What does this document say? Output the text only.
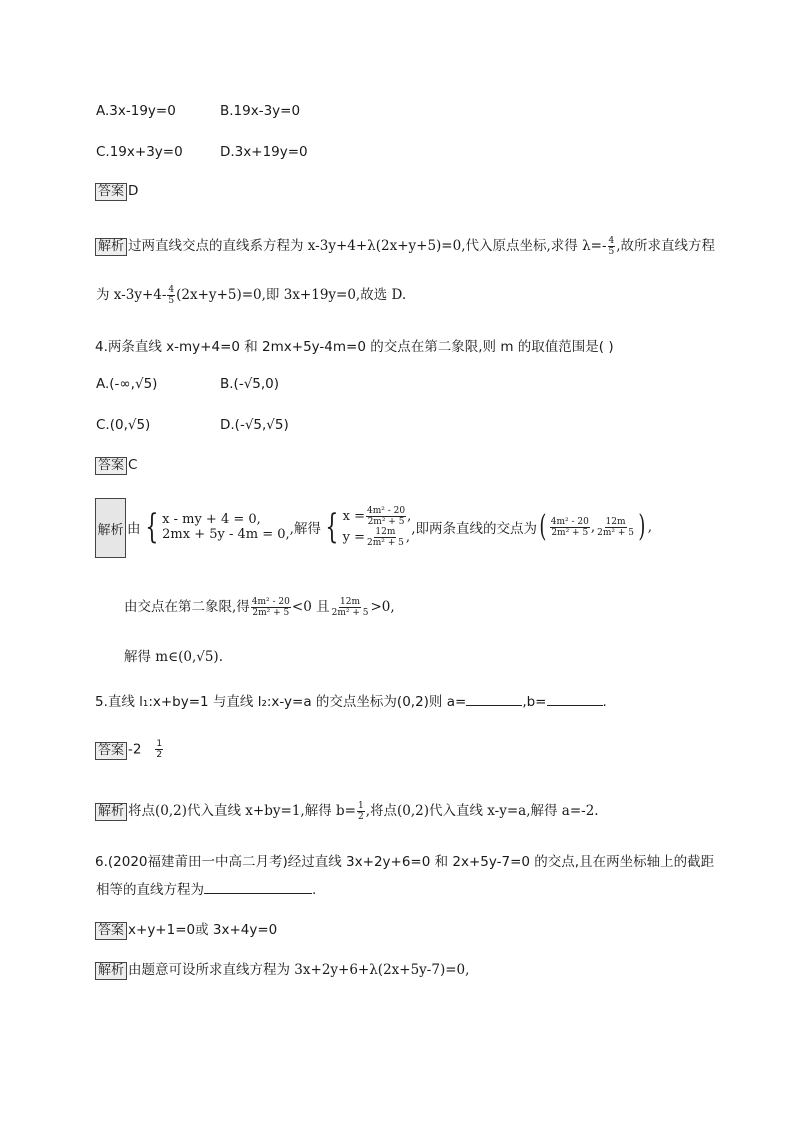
A.3x-19y=0	B.19x-3y=0
C.19x+3y=0	D.3x+19y=0
答案 D
解析 过两直线交点的直线系方程为 x-3y+4+λ(2x+y+5)=0,代入原点坐标,求得 $\lambda=- \frac{4}{5}$ ,故所求直线方程
为 $x-3y+4- \frac{4}{5} (2x+y+5)=0$,即 3x+19y=0,故选 D.
4.两条直线 x-my+4=0 和 2mx+5y-4m=0 的交点在第二象限,则 m 的取值范围是( )
A.(-∞,√5)	B.(-√5,0)
C.(0,√5)	D.(-√5,√5)
答案 C
解析 由 { x - my + 4 = 0,
2mx + 5y - 4m = 0, ,解得 { $x = \frac{\text{4m² - 20}}{\text{2m² + 5}}$ ,
$y = \frac{12m}{\text{2m² + 5}}$ ,
,即两条直线的交点为 ( $\frac{\text{4m² - 20}}{\text{2m² + 5}}$ , $\frac{12m}{\text{2m² + 5}}$ ) ,
由交点在第二象限,得 $\frac{\text{4m² - 20}}{\text{2m² + 5}} <0$ 且 $\frac{12m}{\text{2m² + 5}} >0$,
解得 m∈(0,√5).
5.直线 l₁:x+by=1 与直线 l₂:x-y=a 的交点坐标为(0,2)则 a=	,b=	.
答案 $-2 \frac{1}{2}$
解析 将点(0,2)代入直线 x+by=1,解得 $b= \frac{1}{2}$ ,将点(0,2)代入直线 x-y=a,解得 a=-2.
6.(2020福建莆田一中高二月考)经过直线 3x+2y+6=0 和 2x+5y-7=0 的交点,且在两坐标轴上的截距
相等的直线方程为	.
答案 x+y+1=0或 3x+4y=0
解析 由题意可设所求直线方程为 3x+2y+6+λ(2x+5y-7)=0,
